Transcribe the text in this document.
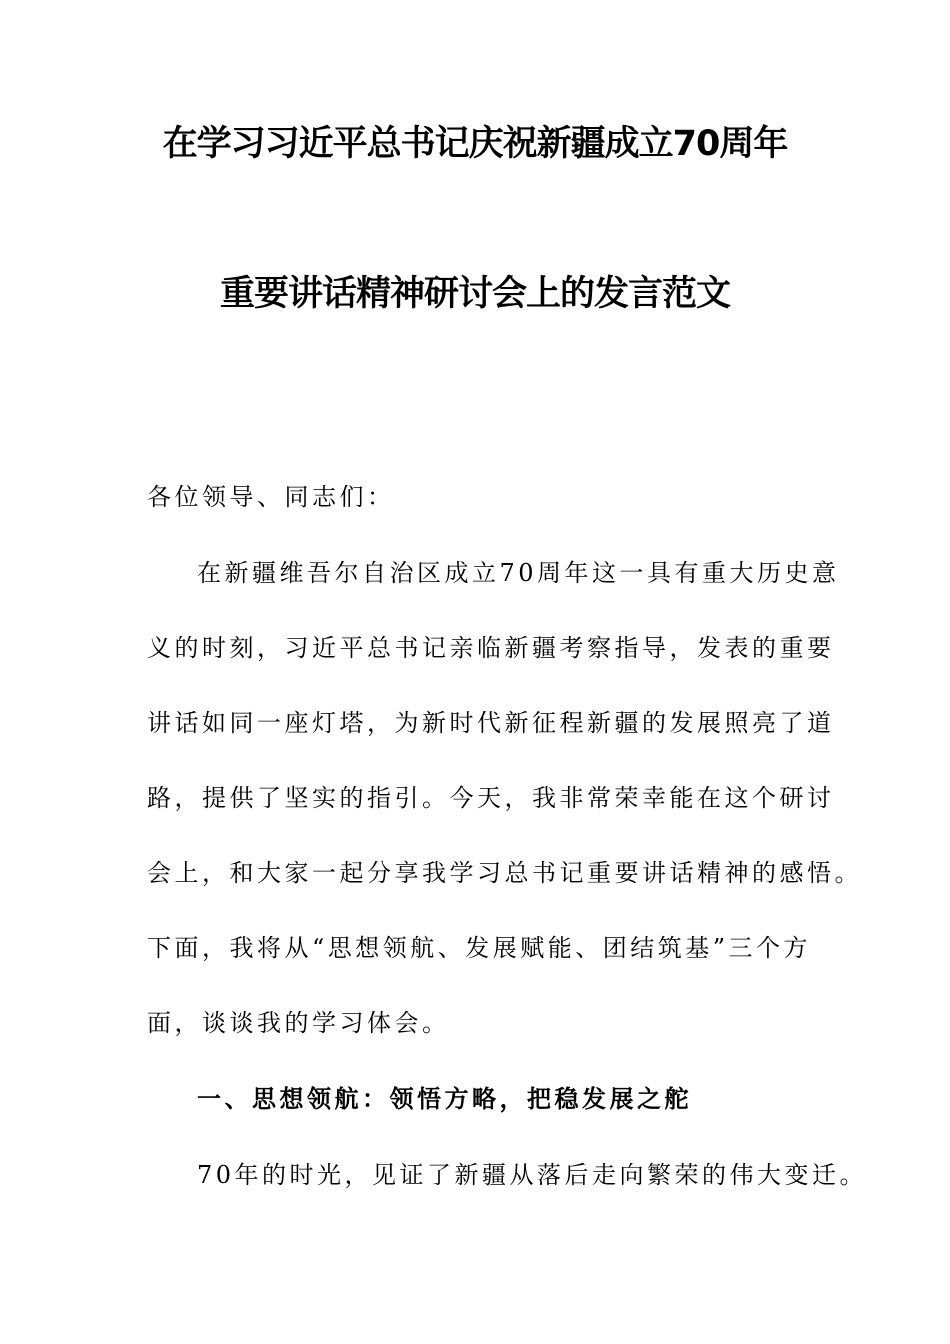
在学习习近平总书记庆祝新疆成立70周年
重要讲话精神研讨会上的发言范文
各位领导、同志们：
在新疆维吾尔自治区成立70周年这一具有重大历史意
义的时刻，习近平总书记亲临新疆考察指导，发表的重要
讲话如同一座灯塔，为新时代新征程新疆的发展照亮了道
路，提供了坚实的指引。今天，我非常荣幸能在这个研讨
会上，和大家一起分享我学习总书记重要讲话精神的感悟。
下面，我将从“思想领航、发展赋能、团结筑基”三个方
面，谈谈我的学习体会。
一、思想领航：领悟方略，把稳发展之舵
70年的时光，见证了新疆从落后走向繁荣的伟大变迁。
